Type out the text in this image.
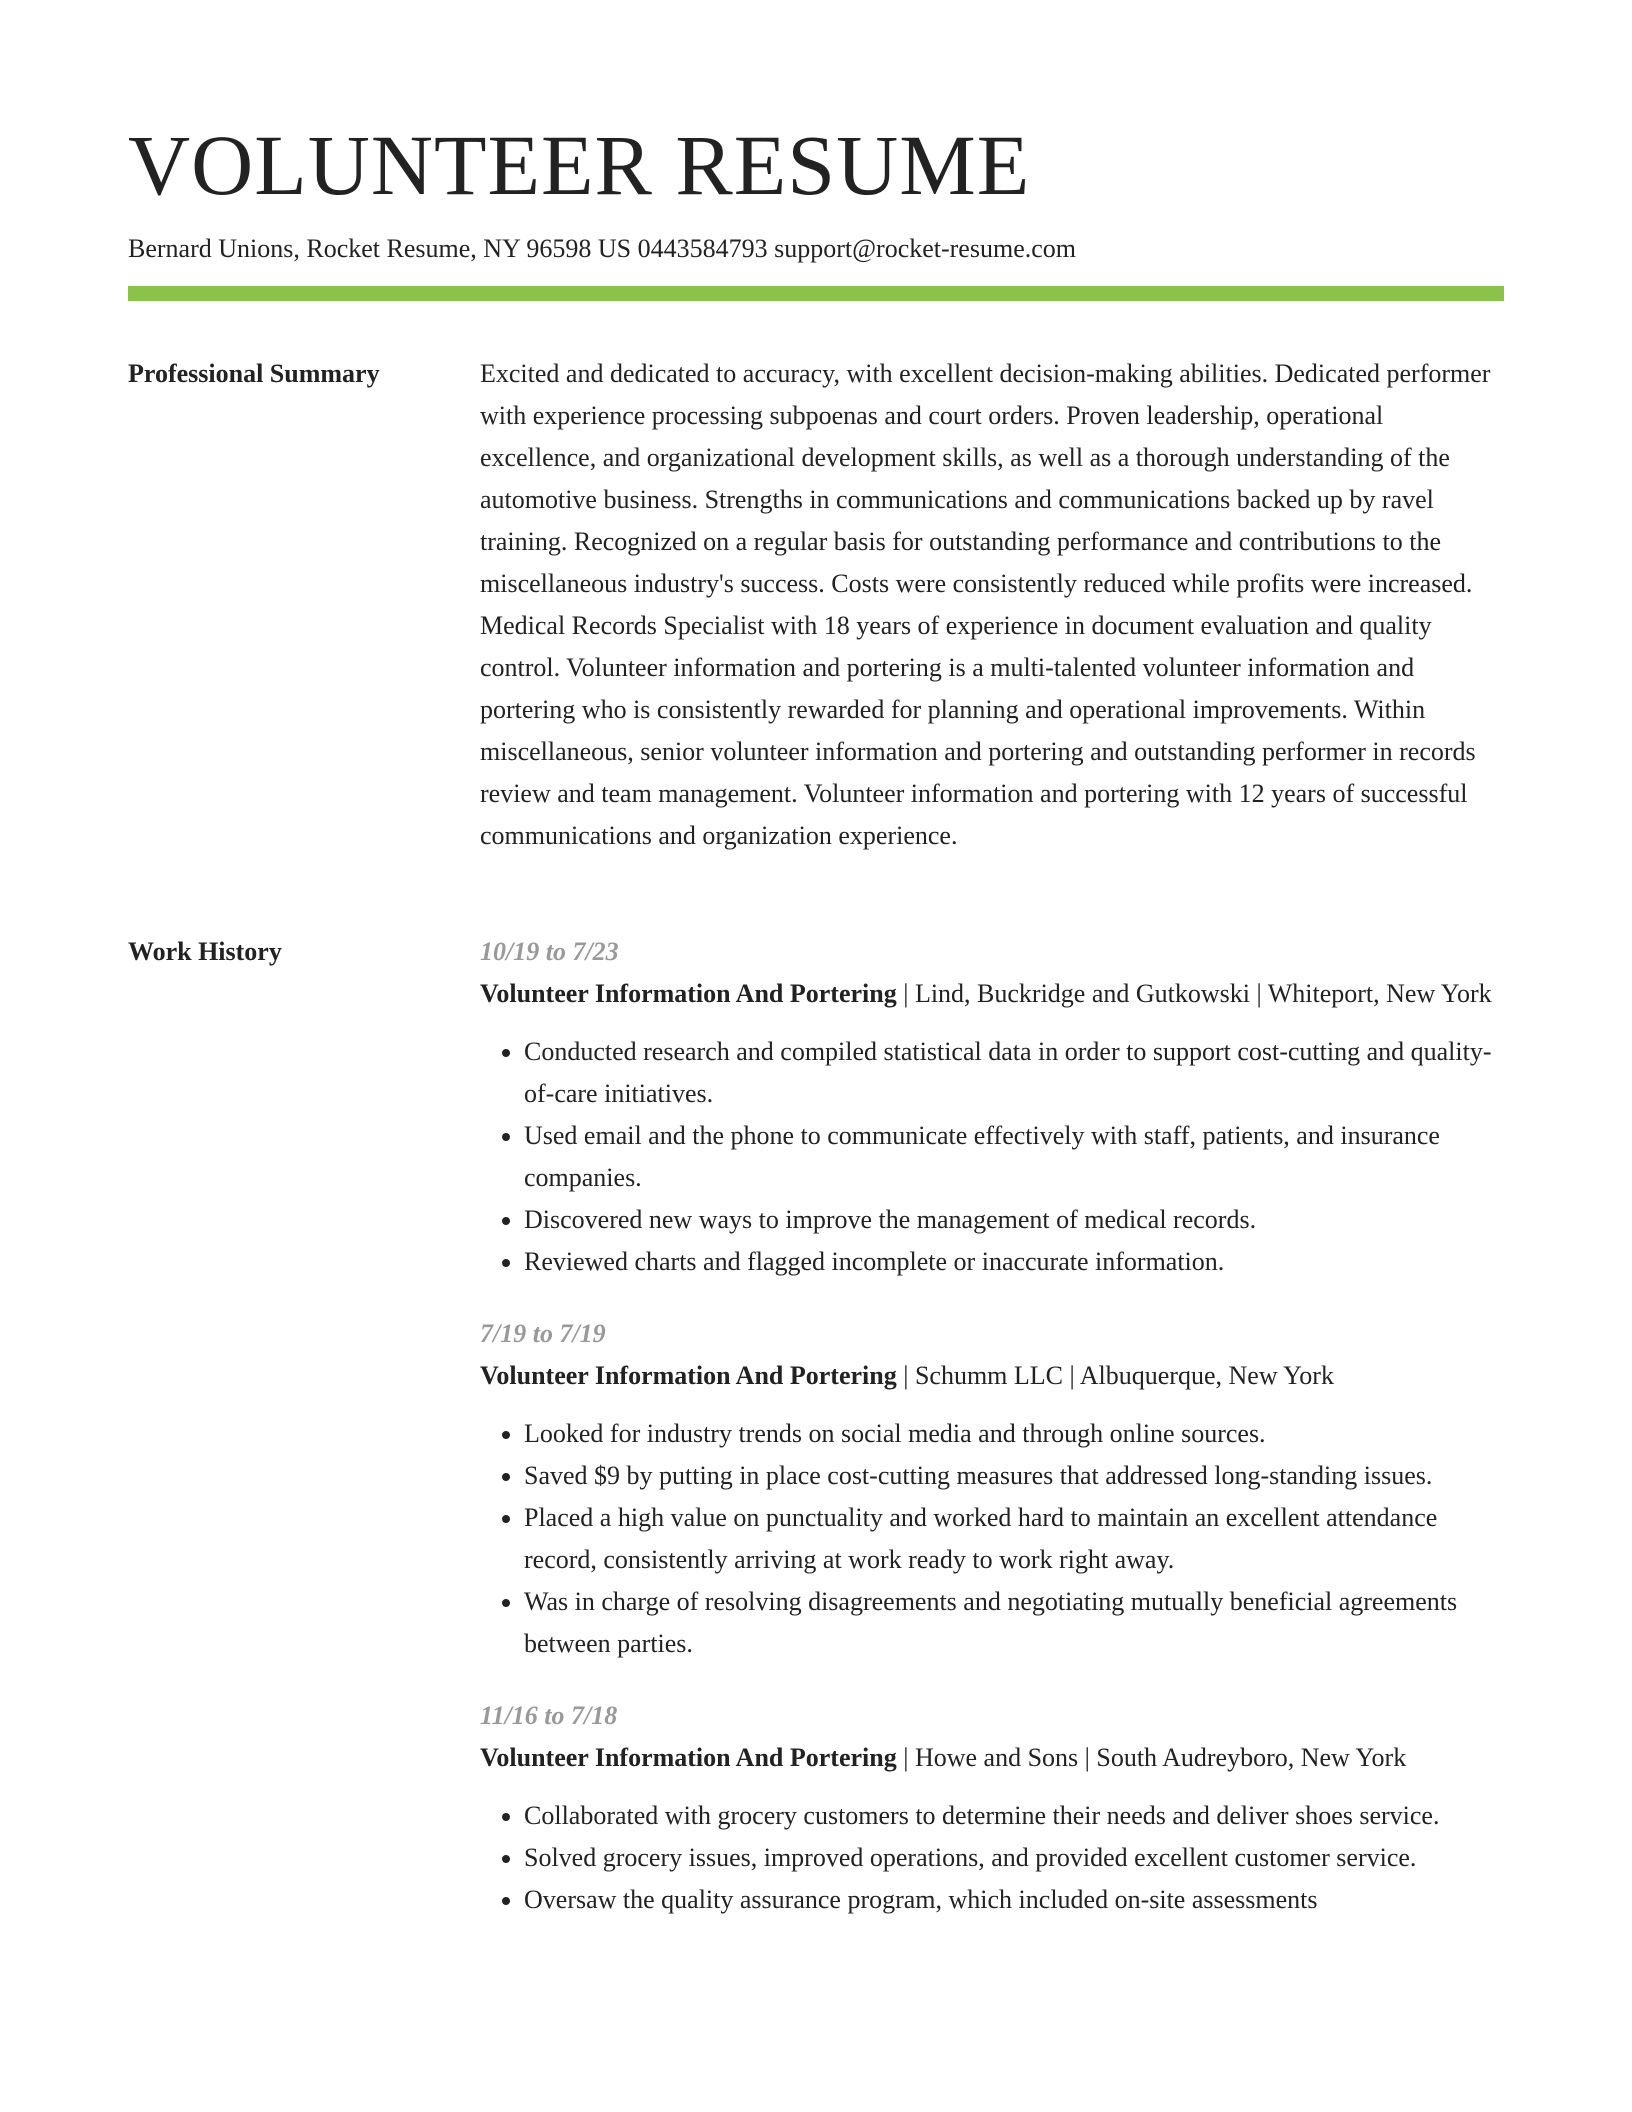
VOLUNTEER RESUME
Bernard Unions, Rocket Resume, NY 96598 US 0443584793 support@rocket-resume.com
Professional Summary	Excited and dedicated to accuracy, with excellent decision-making abilities. Dedicated performer with experience processing subpoenas and court orders. Proven leadership, operational excellence, and organizational development skills, as well as a thorough understanding of the automotive business. Strengths in communications and communications backed up by ravel training. Recognized on a regular basis for outstanding performance and contributions to the miscellaneous industry's success. Costs were consistently reduced while profits were increased. Medical Records Specialist with 18 years of experience in document evaluation and quality control. Volunteer information and portering is a multi-talented volunteer information and portering who is consistently rewarded for planning and operational improvements. Within miscellaneous, senior volunteer information and portering and outstanding performer in records review and team management. Volunteer information and portering with 12 years of successful communications and organization experience.

Work History	10/19 to 7/23

Volunteer Information And Portering | Lind, Buckridge and Gutkowski | Whiteport, New York

• Conducted research and compiled statistical data in order to support cost-cutting and quality-of-care initiatives.
• Used email and the phone to communicate effectively with staff, patients, and insurance companies.
• Discovered new ways to improve the management of medical records.
• Reviewed charts and flagged incomplete or inaccurate information.
7/19 to 7/19

Volunteer Information And Portering | Schumm LLC | Albuquerque, New York

• Looked for industry trends on social media and through online sources.
• Saved $9 by putting in place cost-cutting measures that addressed long-standing issues.
• Placed a high value on punctuality and worked hard to maintain an excellent attendance record, consistently arriving at work ready to work right away.
• Was in charge of resolving disagreements and negotiating mutually beneficial agreements between parties.
11/16 to 7/18

Volunteer Information And Portering | Howe and Sons | South Audreyboro, New York

• Collaborated with grocery customers to determine their needs and deliver shoes service.
• Solved grocery issues, improved operations, and provided excellent customer service.
• Oversaw the quality assurance program, which included on-site assessments
